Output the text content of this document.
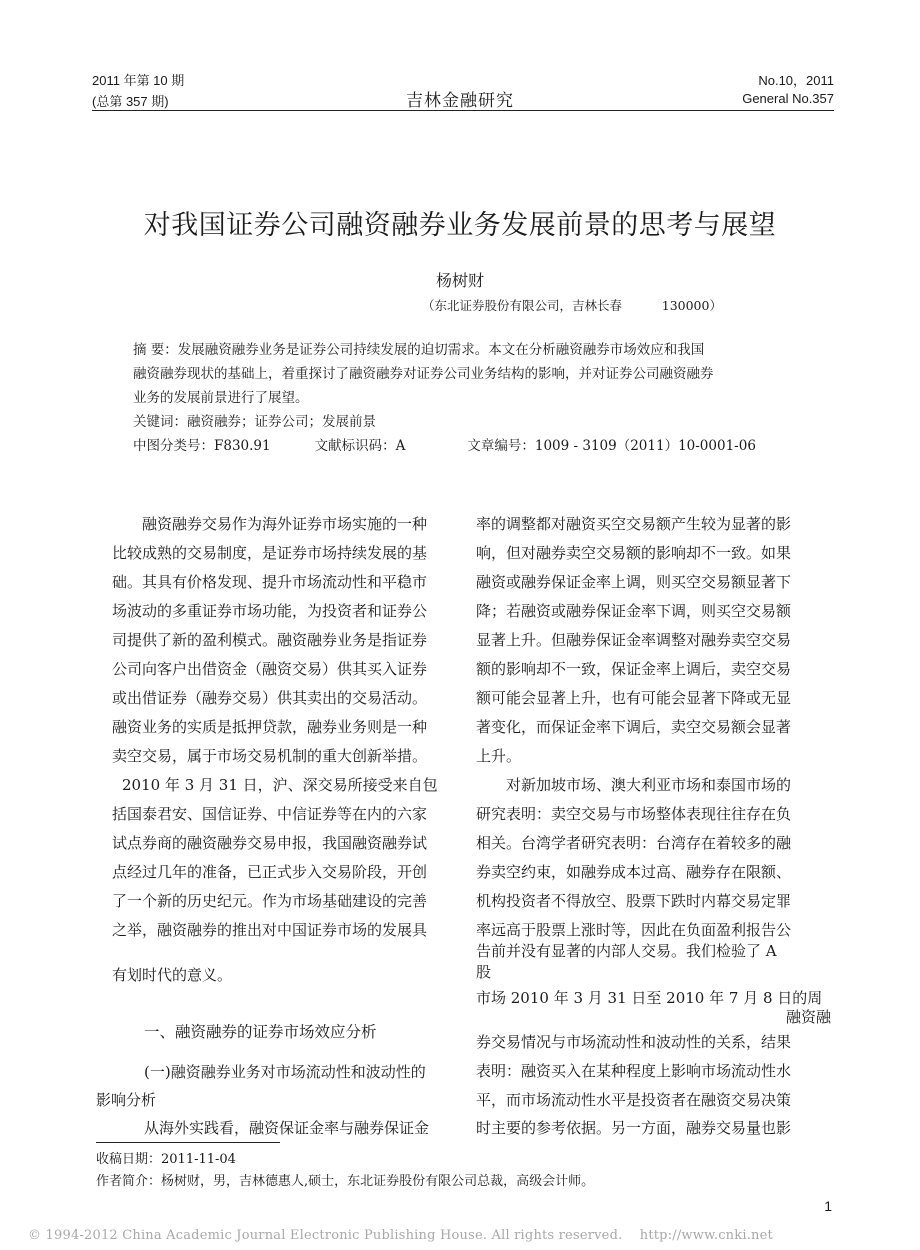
2011 年第 10 期
(总第 357 期)	吉林金融研究
No.10，2011
General No.357
对我国证券公司融资融券业务发展前景的思考与展望
杨树财
（东北证券股份有限公司，吉林长春          130000）
摘 要：发展融资融券业务是证券公司持续发展的迫切需求。本文在分析融资融券市场效应和我国
融资融券现状的基础上，着重探讨了融资融券对证券公司业务结构的影响，并对证券公司融资融券
业务的发展前景进行了展望。
关键词：融资融券；证券公司；发展前景
中图分类号：F830.91	文献标识码：A	文章编号：1009 - 3109（2011）10-0001-06
融资融券交易作为海外证券市场实施的一种
比较成熟的交易制度，是证券市场持续发展的基
础。其具有价格发现、提升市场流动性和平稳市
场波动的多重证券市场功能，为投资者和证券公
司提供了新的盈利模式。融资融券业务是指证券
公司向客户出借资金（融资交易）供其买入证券
或出借证券（融券交易）供其卖出的交易活动。
融资业务的实质是抵押贷款，融券业务则是一种
卖空交易，属于市场交易机制的重大创新举措。
2010 年 3 月 31 日，沪、深交易所接受来自包
括国泰君安、国信证券、中信证券等在内的六家
试点券商的融资融券交易申报，我国融资融券试
点经过几年的准备，已正式步入交易阶段，开创
了一个新的历史纪元。作为市场基础建设的完善
之举，融资融券的推出对中国证券市场的发展具
有划时代的意义。
一、融资融券的证券市场效应分析
(一)融资融券业务对市场流动性和波动性的
影响分析
从海外实践看，融资保证金率与融券保证金
率的调整都对融资买空交易额产生较为显著的影
响，但对融券卖空交易额的影响却不一致。如果
融资或融券保证金率上调，则买空交易额显著下
降；若融资或融券保证金率下调，则买空交易额
显著上升。但融券保证金率调整对融券卖空交易
额的影响却不一致，保证金率上调后，卖空交易
额可能会显著上升，也有可能会显著下降或无显
著变化，而保证金率下调后，卖空交易额会显著
上升。
对新加坡市场、澳大利亚市场和泰国市场的
研究表明：卖空交易与市场整体表现往往存在负
相关。台湾学者研究表明：台湾存在着较多的融
券卖空约束，如融券成本过高、融券存在限额、
机构投资者不得放空、股票下跌时内幕交易定罪
率远高于股票上涨时等，因此在负面盈利报告公
告前并没有显著的内部人交易。我们检验了 A
股
市场 2010 年 3 月 31 日至 2010 年 7 月 8 日的周
融资融
券交易情况与市场流动性和波动性的关系，结果
表明：融资买入在某种程度上影响市场流动性水
平，而市场流动性水平是投资者在融资交易决策
时主要的参考依据。另一方面，融券交易量也影
收稿日期：2011-11-04
作者简介：杨树财，男，吉林德惠人,硕士，东北证券股份有限公司总裁，高级会计师。
1
© 1994-2012 China Academic Journal Electronic Publishing House. All rights reserved.    http://www.cnki.net
